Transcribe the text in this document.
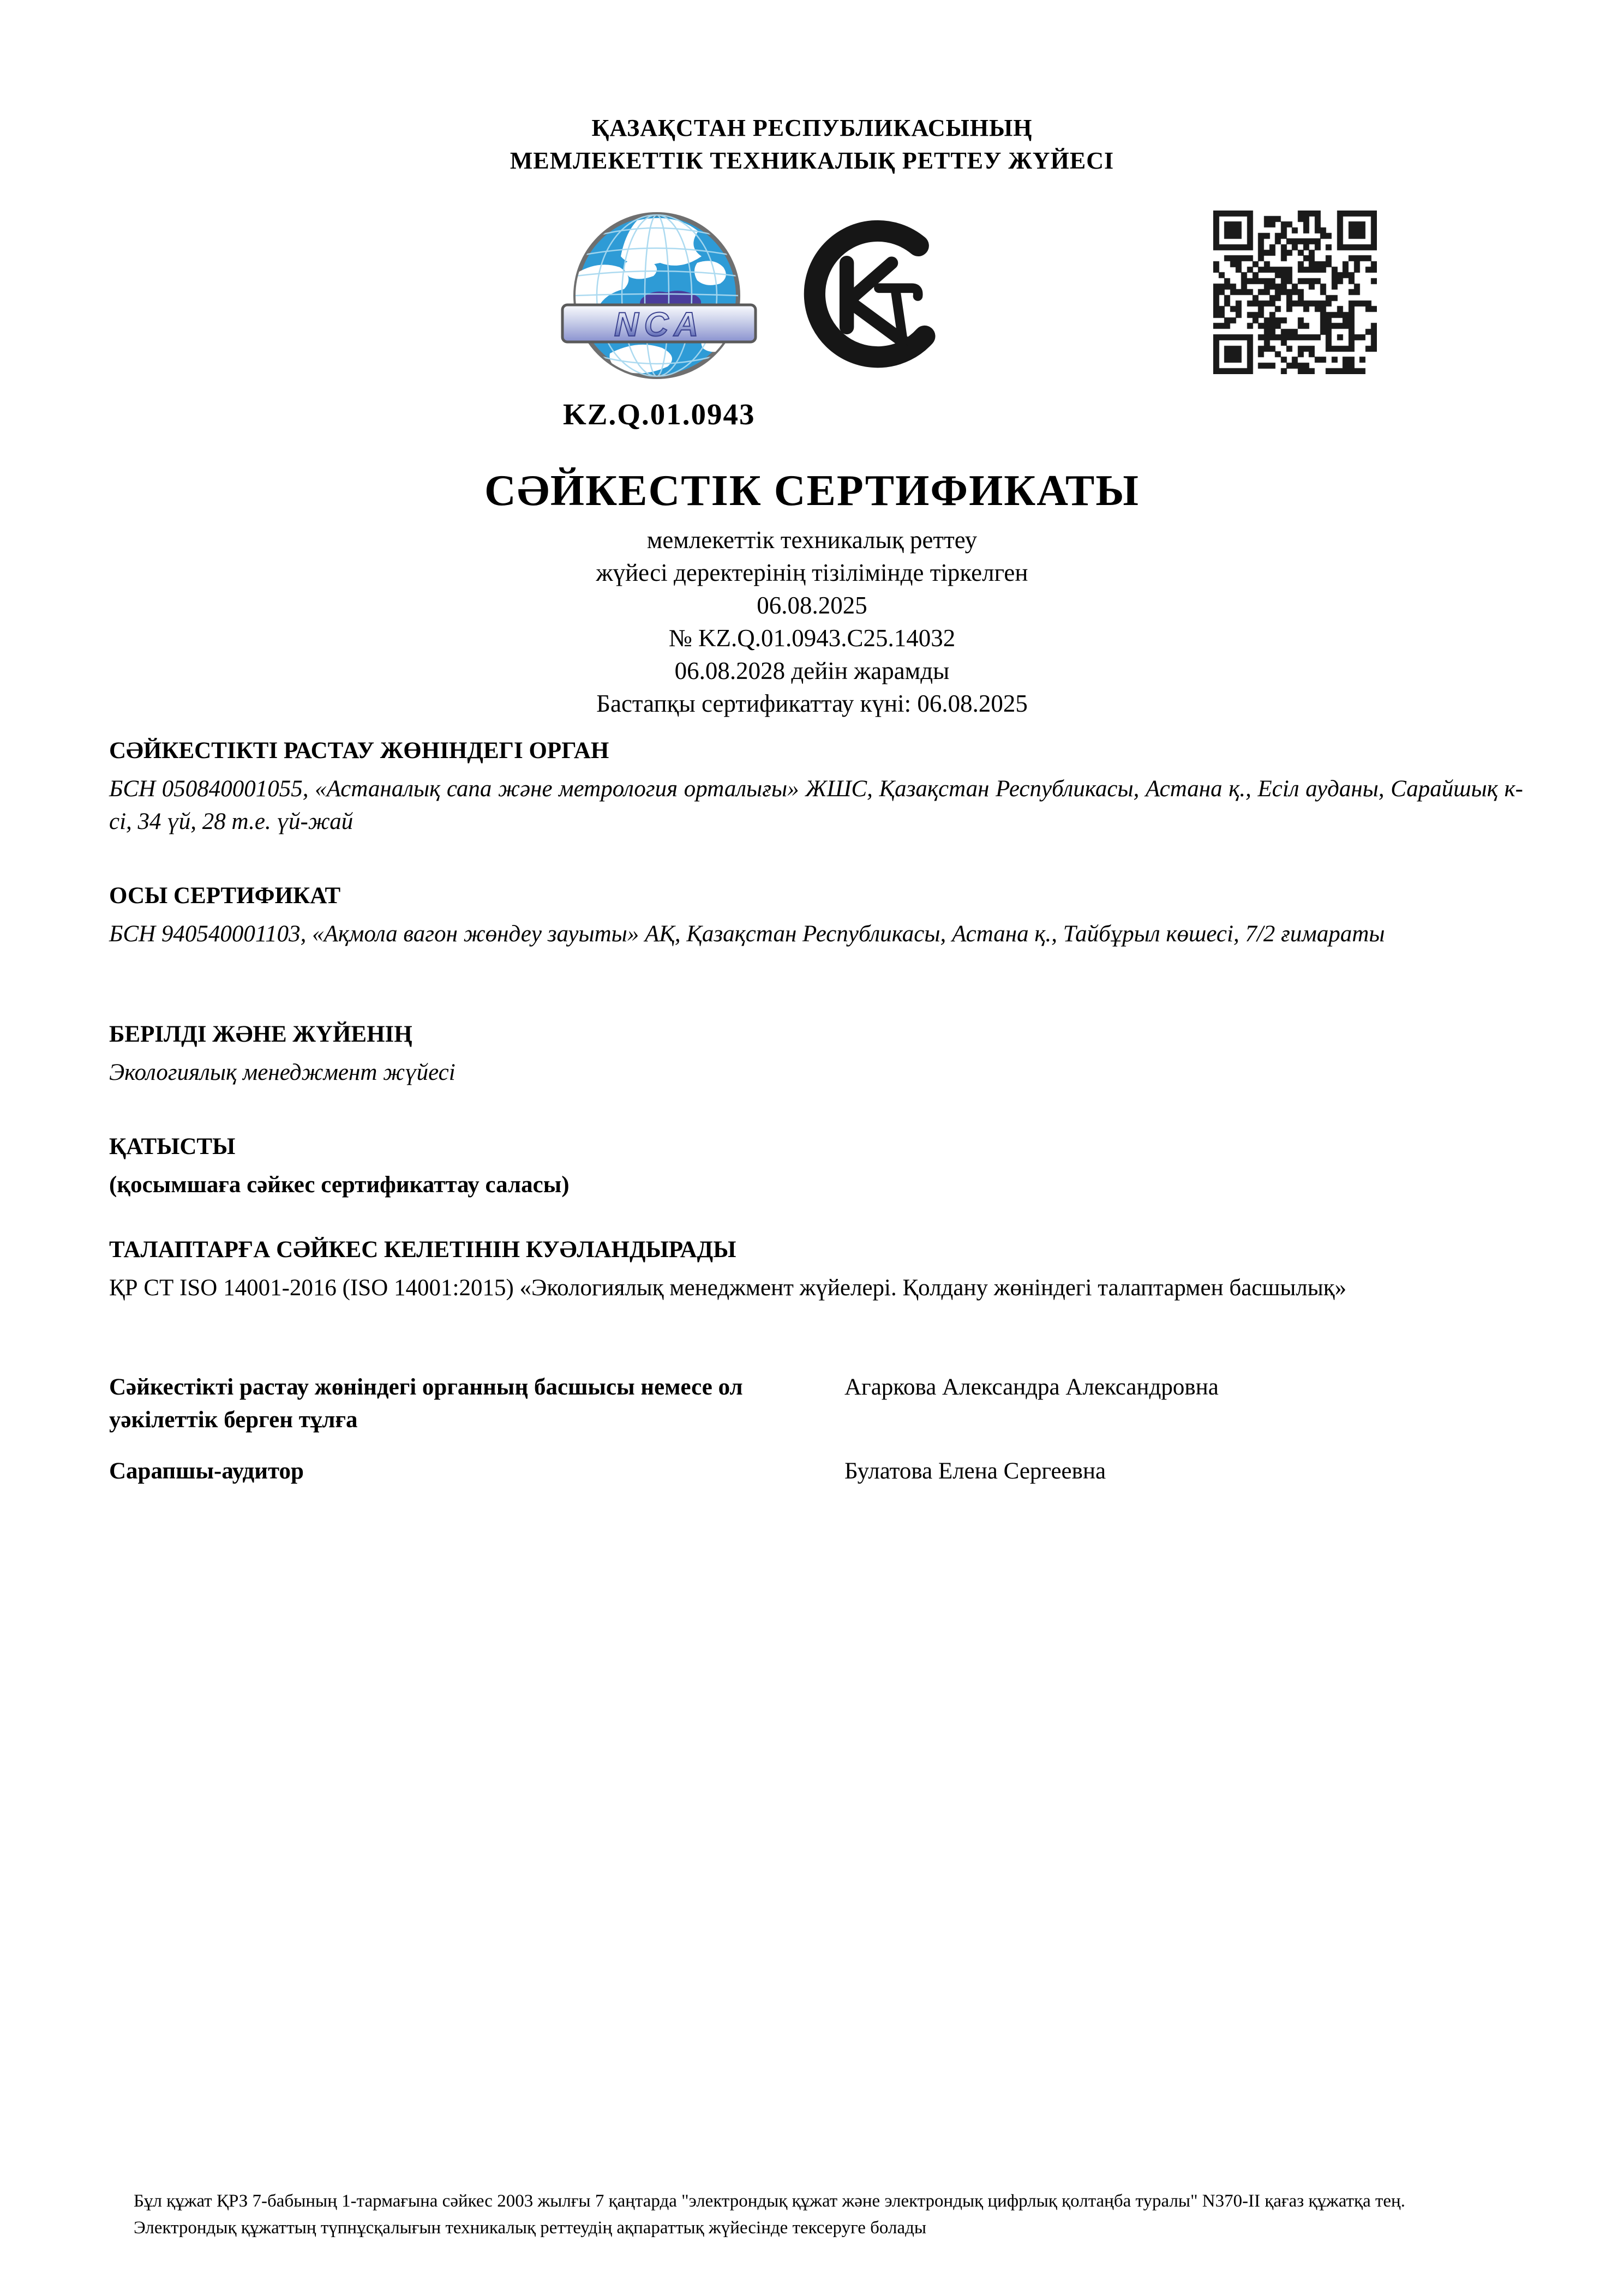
ҚАЗАҚСТАН РЕСПУБЛИКАСЫНЫҢ
МЕМЛЕКЕТТІК ТЕХНИКАЛЫҚ РЕТТЕУ ЖҮЙЕСІ
NCA
KZ.Q.01.0943
СӘЙКЕСТІК СЕРТИФИКАТЫ
мемлекеттік техникалық реттеу
жүйесі деректерінің тізілімінде тіркелген
06.08.2025
№ KZ.Q.01.0943.C25.14032
06.08.2028 дейін жарамды
Бастапқы сертификаттау күні: 06.08.2025
СӘЙКЕСТІКТІ РАСТАУ ЖӨНІНДЕГІ ОРГАН
БСН 050840001055, «Астаналық сапа және метрология орталығы» ЖШС, Қазақстан Республикасы, Астана қ., Есіл ауданы, Сарайшық к-сі, 34 үй, 28 т.е. үй-жай
ОСЫ СЕРТИФИКАТ
БСН 940540001103, «Ақмола вагон жөндеу зауыты» АҚ, Қазақстан Республикасы, Астана қ., Тайбұрыл көшесі, 7/2 ғимараты
БЕРІЛДІ ЖӘНЕ ЖҮЙЕНІҢ
Экологиялық менеджмент жүйесі
ҚАТЫСТЫ
(қосымшаға сәйкес сертификаттау саласы)
ТАЛАПТАРҒА СӘЙКЕС КЕЛЕТІНІН КУӘЛАНДЫРАДЫ
ҚР СТ ISO 14001-2016 (ISO 14001:2015) «Экологиялық менеджмент жүйелері. Қолдану жөніндегі талаптармен басшылық»
Сәйкестікті растау жөніндегі органның басшысы немесе ол уәкілеттік берген тұлға
Агаркова Александра Александровна
Сарапшы-аудитор	Булатова Елена Сергеевна

Бұл құжат ҚРЗ 7-бабының 1-тармағына сәйкес 2003 жылғы 7 қаңтарда "электрондық құжат және электрондық цифрлық қолтаңба туралы" N370-II қағаз құжатқа тең.

Электрондық құжаттың түпнұсқалығын техникалық реттеудің ақпараттық жүйесінде тексеруге болады
